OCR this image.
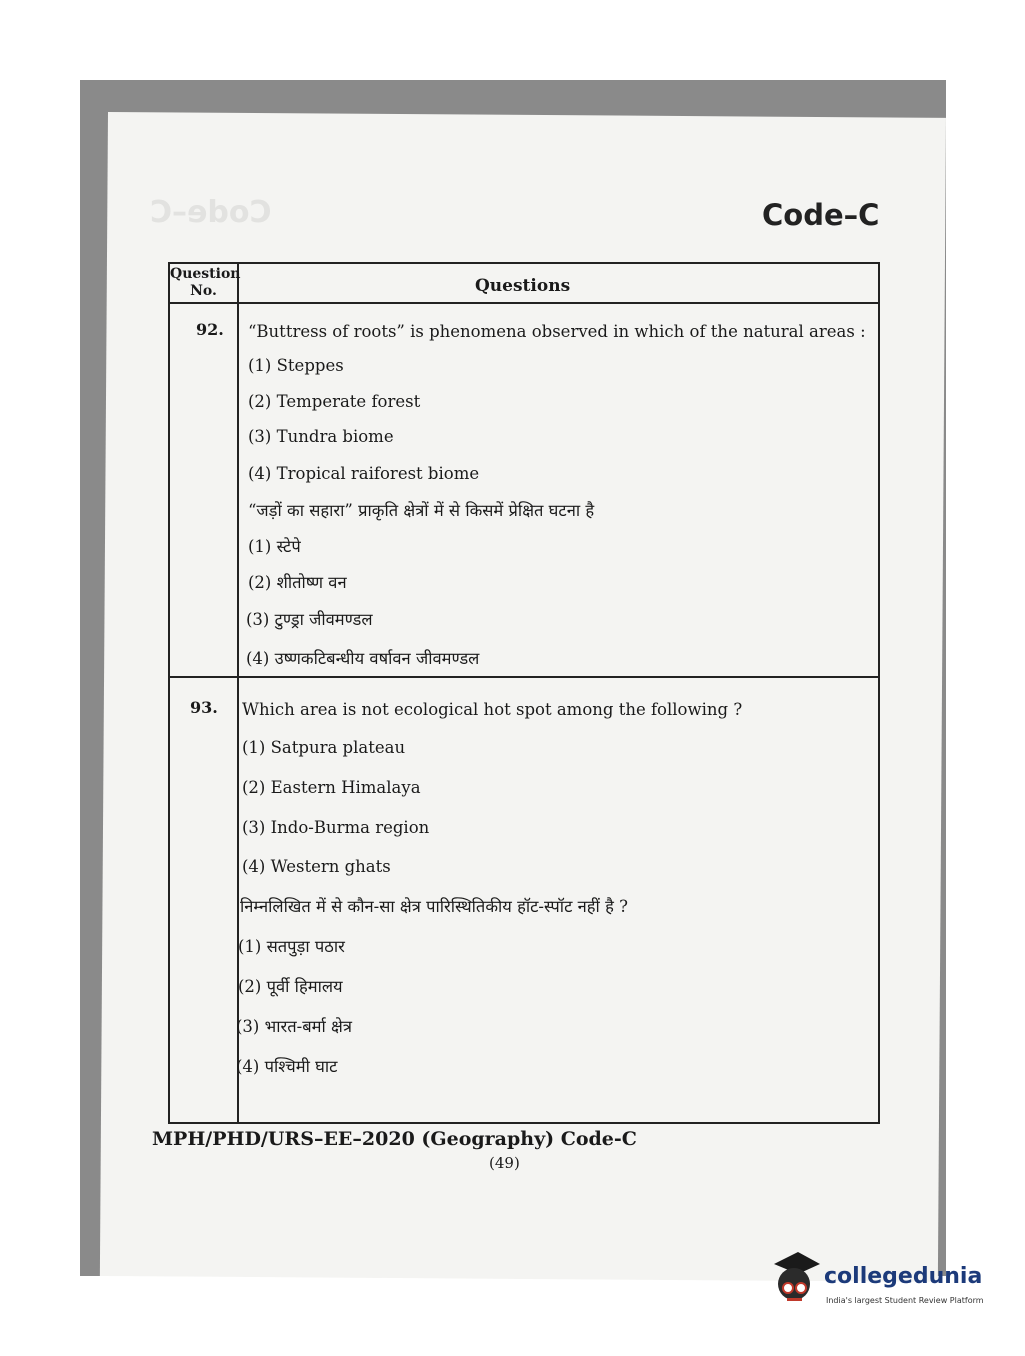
Code–C	Code–C
Question No.	Questions
92. “Buttress of roots” is phenomena observed in which of the natural areas :
(1) Steppes
(2) Temperate forest
(3) Tundra biome
(4) Tropical raiforest biome
“जड़ों का सहारा” प्राकृति क्षेत्रों में से किसमें प्रेक्षित घटना है
(1) स्टेपे
(2) शीतोष्ण वन
(3) टुण्ड्रा जीवमण्डल
(4) उष्णकटिबन्धीय वर्षावन जीवमण्डल
93. Which area is not ecological hot spot among the following ?
(1) Satpura plateau
(2) Eastern Himalaya
(3) Indo-Burma region
(4) Western ghats
निम्नलिखित में से कौन-सा क्षेत्र पारिस्थितिकीय हॉट-स्पॉट नहीं है ?
(1) सतपुड़ा पठार
(2) पूर्वी हिमालय
(3) भारत-बर्मा क्षेत्र
(4) पश्चिमी घाट
MPH/PHD/URS–EE–2020 (Geography) Code-C
(49)
collegedunia
India's largest Student Review Platform
